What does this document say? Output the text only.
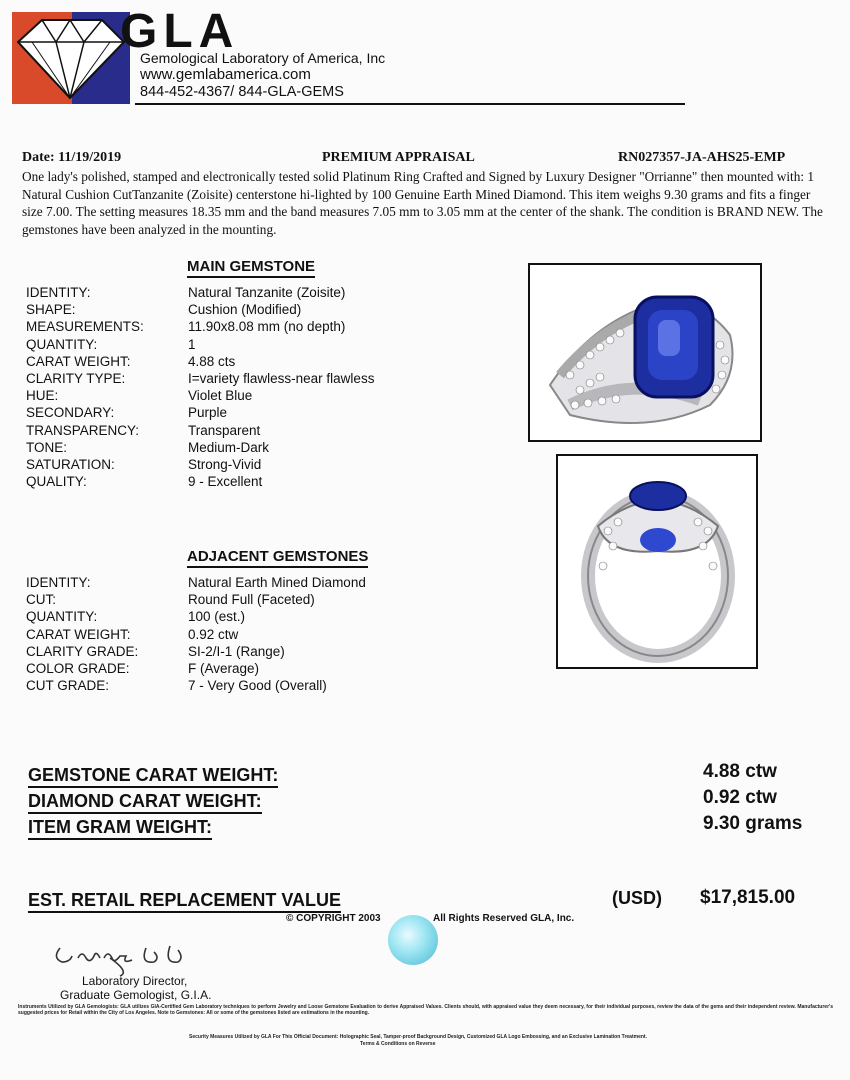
GLA
Gemological Laboratory of America, Inc
www.gemlabamerica.com
844-452-4367/ 844-GLA-GEMS
Date: 11/19/2019	PREMIUM APPRAISAL	RN027357-JA-AHS25-EMP
One lady's polished, stamped and electronically tested solid Platinum Ring Crafted and Signed by Luxury Designer "Orrianne" then mounted with: 1 Natural Cushion CutTanzanite (Zoisite) centerstone hi-lighted by 100 Genuine Earth Mined Diamond. This item weighs 9.30 grams and fits a finger size 7.00. The setting measures 18.35 mm and the band measures 7.05 mm to 3.05 mm at the center of the shank. The condition is BRAND NEW. The gemstones have been analyzed in the mounting.
MAIN GEMSTONE
IDENTITY:	Natural Tanzanite (Zoisite)
SHAPE:	Cushion (Modified)
MEASUREMENTS:	11.90x8.08 mm (no depth)
QUANTITY:	1
CARAT WEIGHT:	4.88 cts
CLARITY TYPE:	I=variety flawless-near flawless
HUE:	Violet Blue
SECONDARY:	Purple
TRANSPARENCY:	Transparent
TONE:	Medium-Dark
SATURATION:	Strong-Vivid
QUALITY:	9 - Excellent
ADJACENT GEMSTONES
IDENTITY:	Natural Earth Mined Diamond
CUT:	Round Full (Faceted)
QUANTITY:	100 (est.)
CARAT WEIGHT:	0.92 ctw
CLARITY GRADE:	SI-2/I-1 (Range)
COLOR GRADE:	F (Average)
CUT GRADE:	7 - Very Good (Overall)
GEMSTONE CARAT WEIGHT:	4.88 ctw
DIAMOND CARAT WEIGHT:	0.92 ctw
ITEM GRAM WEIGHT:	9.30 grams
EST. RETAIL REPLACEMENT VALUE	(USD) $17,815.00
© COPYRIGHT 2003	All Rights Reserved GLA, Inc.
Laboratory Director,
Graduate Gemologist, G.I.A.
Instruments Utilized by GLA Gemologists: GLA utilizes GIA-Certified Gem Laboratory techniques to perform Jewelry and Loose Gemstone Evaluation to derive Appraised Values. Clients should, with appraised value they deem necessary, for their individual purposes, review the data of the gems and their independent review. Manufacturer's suggested prices for Retail within the City of Los Angeles. Note to Gemstones: All or some of the gemstones listed are estimations in the mounting.
Security Measures Utilized by GLA For This Official Document: Holographic Seal, Tamper-proof Background Design, Customized GLA Logo Embossing, and an Exclusive Lamination Treatment.
Terms & Conditions on Reverse
